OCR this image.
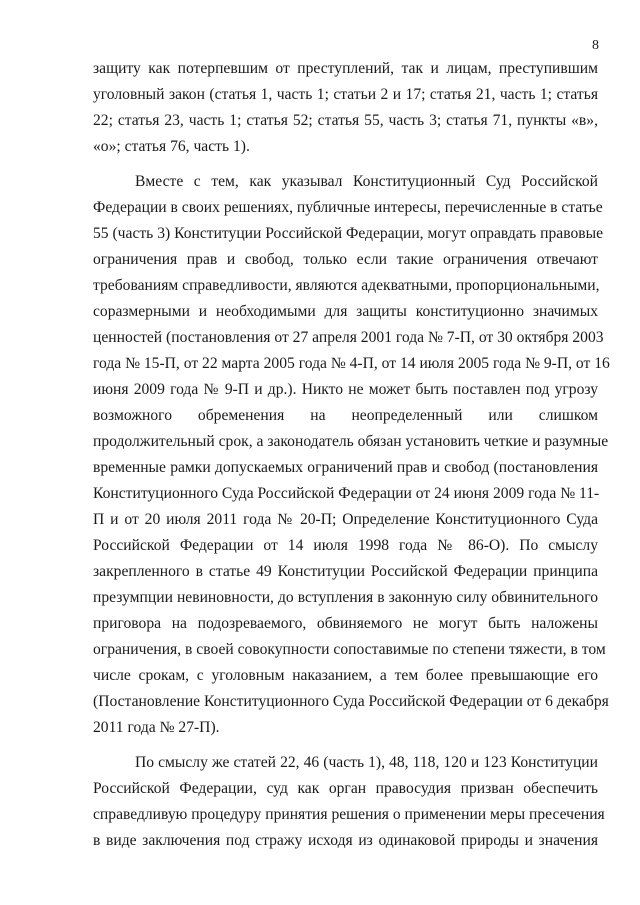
8
защиту как потерпевшим от преступлений, так и лицам, преступившим
уголовный закон (статья 1, часть 1; статьи 2 и 17; статья 21, часть 1; статья
22; статья 23, часть 1; статья 52; статья 55, часть 3; статья 71, пункты «в»,
«о»; статья 76, часть 1).
Вместе с тем, как указывал Конституционный Суд Российской
Федерации в своих решениях, публичные интересы, перечисленные в статье
55 (часть 3) Конституции Российской Федерации, могут оправдать правовые
ограничения прав и свобод, только если такие ограничения отвечают
требованиям справедливости, являются адекватными, пропорциональными,
соразмерными и необходимыми для защиты конституционно значимых
ценностей (постановления от 27 апреля 2001 года № 7-П, от 30 октября 2003
года № 15-П, от 22 марта 2005 года № 4-П, от 14 июля 2005 года № 9-П, от 16
июня 2009 года № 9-П и др.). Никто не может быть поставлен под угрозу
возможного обременения на неопределенный или слишком
продолжительный срок, а законодатель обязан установить четкие и разумные
временные рамки допускаемых ограничений прав и свобод (постановления
Конституционного Суда Российской Федерации от 24 июня 2009 года № 11-
П и от 20 июля 2011 года № 20-П; Определение Конституционного Суда
Российской Федерации от 14 июля 1998 года № 86-О). По смыслу
закрепленного в статье 49 Конституции Российской Федерации принципа
презумпции невиновности, до вступления в законную силу обвинительного
приговора на подозреваемого, обвиняемого не могут быть наложены
ограничения, в своей совокупности сопоставимые по степени тяжести, в том
числе срокам, с уголовным наказанием, а тем более превышающие его
(Постановление Конституционного Суда Российской Федерации от 6 декабря
2011 года № 27-П).
По смыслу же статей 22, 46 (часть 1), 48, 118, 120 и 123 Конституции
Российской Федерации, суд как орган правосудия призван обеспечить
справедливую процедуру принятия решения о применении меры пресечения
в виде заключения под стражу исходя из одинаковой природы и значения
